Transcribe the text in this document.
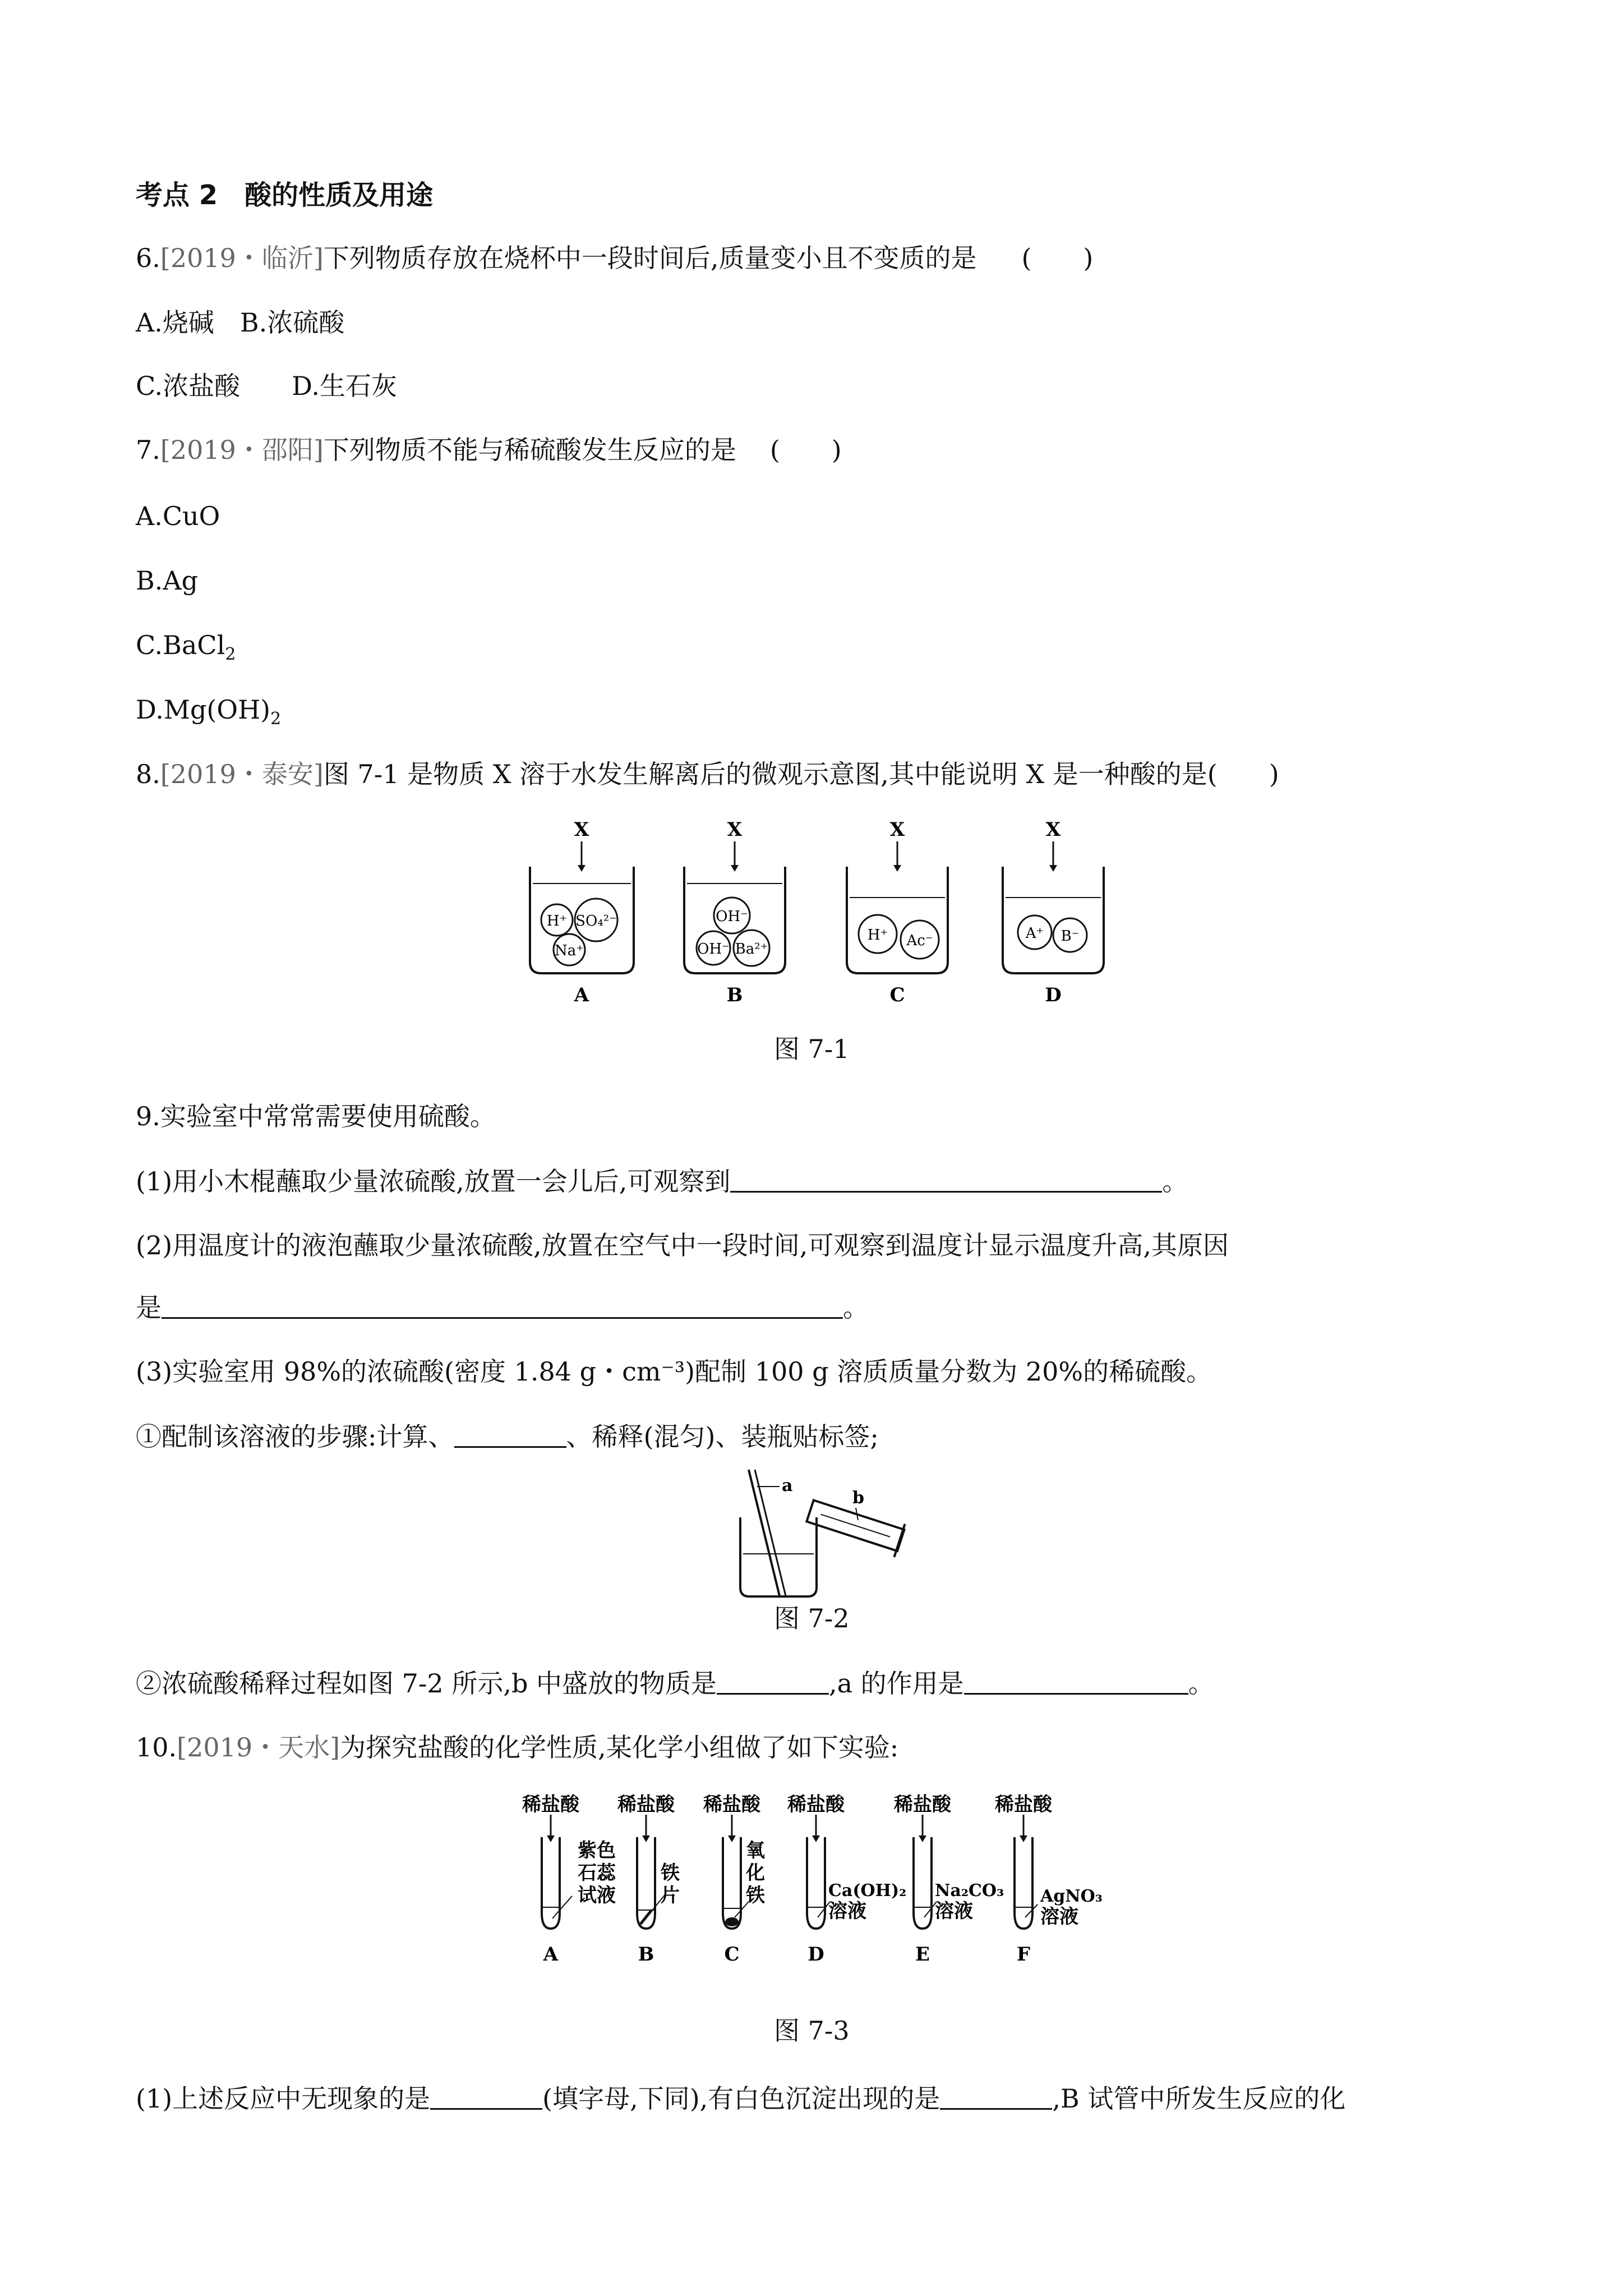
考点 2　酸的性质及用途
6.[2019・临沂]下列物质存放在烧杯中一段时间后,质量变小且不变质的是 (　　)
A.烧碱　B.浓硫酸
C.浓盐酸　　D.生石灰
7.[2019・邵阳]下列物质不能与稀硫酸发生反应的是 (　　)
A.CuO
B.Ag
C.BaCl$_2$
$D.Mg(OH)_2$
8.[2019・泰安]图 7-1 是物质 X 溶于水发生解离后的微观示意图,其中能说明 X 是一种酸的是(　　)
X
H⁺ SO₄²⁻
Na⁺
A
X
OH⁻
OH⁻ Ba²⁺
B
X
H⁺ Ac⁻
C
X
A⁺ B⁻
D
图 7-1
9.实验室中常常需要使用硫酸。
(1)用小木棍蘸取少量浓硫酸,放置一会儿后,可观察到	。
(2)用温度计的液泡蘸取少量浓硫酸,放置在空气中一段时间,可观察到温度计显示温度升高,其原因
是	。
(3)实验室用 98%的浓硫酸(密度 1.84 g・cm⁻³)配制 100 g 溶质质量分数为 20%的稀硫酸。
①配制该溶液的步骤:计算、	、稀释(混匀)、装瓶贴标签;
a
b
图 7-2
②浓硫酸稀释过程如图 7-2 所示,b 中盛放的物质是	,a 的作用是	。
10.[2019・天水]为探究盐酸的化学性质,某化学小组做了如下实验:
稀盐酸
紫色
石蕊
试液
A
稀盐酸
铁
片
B
稀盐酸
氧
化
铁
C
稀盐酸
Ca(OH)₂
溶液
D
稀盐酸
Na₂CO₃
溶液
E
稀盐酸
AgNO₃
溶液
F
图 7-3
(1)上述反应中无现象的是	(填字母,下同),有白色沉淀出现的是	,B 试管中所发生反应的化
